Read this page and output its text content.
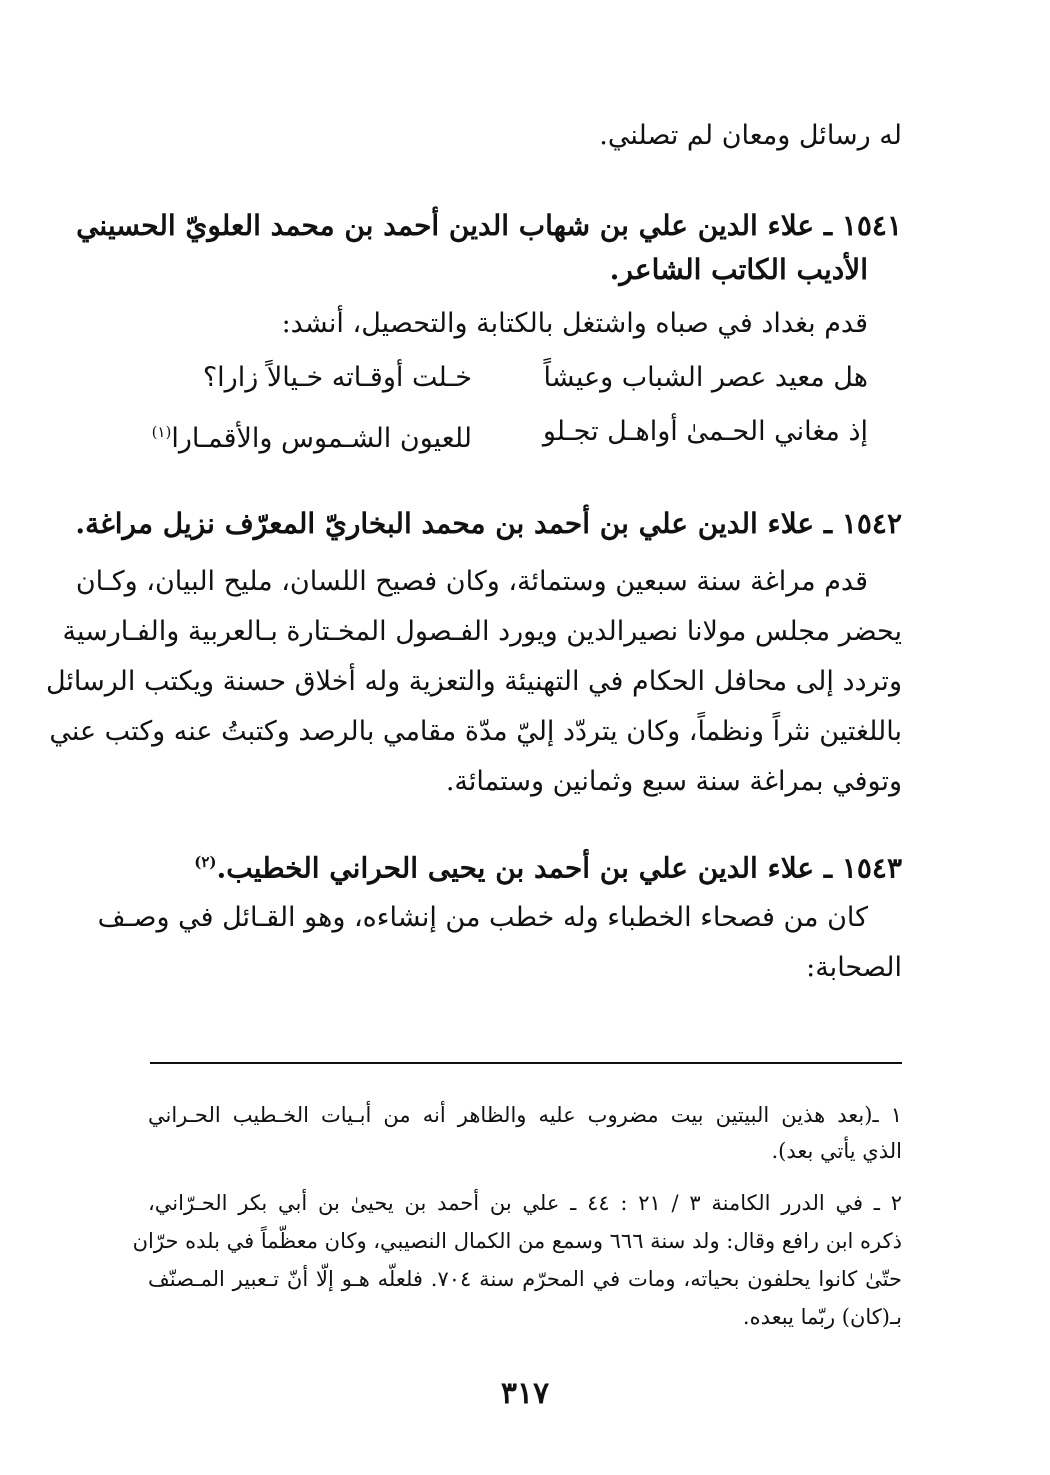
له رسائل ومعان لم تصلني.
١٥٤١ ـ علاء الدين علي بن شهاب الدين أحمد بن محمد العلويّ الحسيني
الأديب الكاتب الشاعر.
قدم بغداد في صباه واشتغل بالكتابة والتحصيل، أنشد:
هل معيد عصر الشباب وعيشاً
خـلت أوقـاته خـيالاً زارا؟
إذ مغاني الحـمىٰ أواهـل تجـلو
للعيون الشـموس والأقمـارا$^{(١)}$
١٥٤٢ ـ علاء الدين علي بن أحمد بن محمد البخاريّ المعرّف نزيل مراغة.
قدم مراغة سنة سبعين وستمائة، وكان فصيح اللسان، مليح البيان، وكـان
يحضر مجلس مولانا نصيرالدين ويورد الفـصول المخـتارة بـالعربية والفـارسية
وتردد إلى محافل الحكام في التهنيئة والتعزية وله أخلاق حسنة ويكتب الرسائل
باللغتين نثراً ونظماً، وكان يتردّد إليّ مدّة مقامي بالرصد وكتبتُ عنه وكتب عني
وتوفي بمراغة سنة سبع وثمانين وستمائة.
١٥٤٣ ـ علاء الدين علي بن أحمد بن يحيى الحراني الخطيب.$^{(٢)}$
كان من فصحاء الخطباء وله خطب من إنشاءه، وهو القـائل في وصـف
الصحابة:
١ ـ(بعد هذين البيتين بيت مضروب عليه والظاهر أنه من أبـيات الخـطيب الحـراني
الذي يأتي بعد).
٢ ـ في الدرر الكامنة ٣ / ٢١ : ٤٤ ـ علي بن أحمد بن يحيىٰ بن أبي بكر الحـرّاني،
ذكره ابن رافع وقال: ولد سنة ٦٦٦ وسمع من الكمال النصيبي، وكان معظّماً في بلده حرّان
حتّىٰ كانوا يحلفون بحياته، ومات في المحرّم سنة ٧٠٤. فلعلّه هـو إلّا أنّ تـعبير المـصنّف
بـ(كان) ربّما يبعده.
٣١٧
